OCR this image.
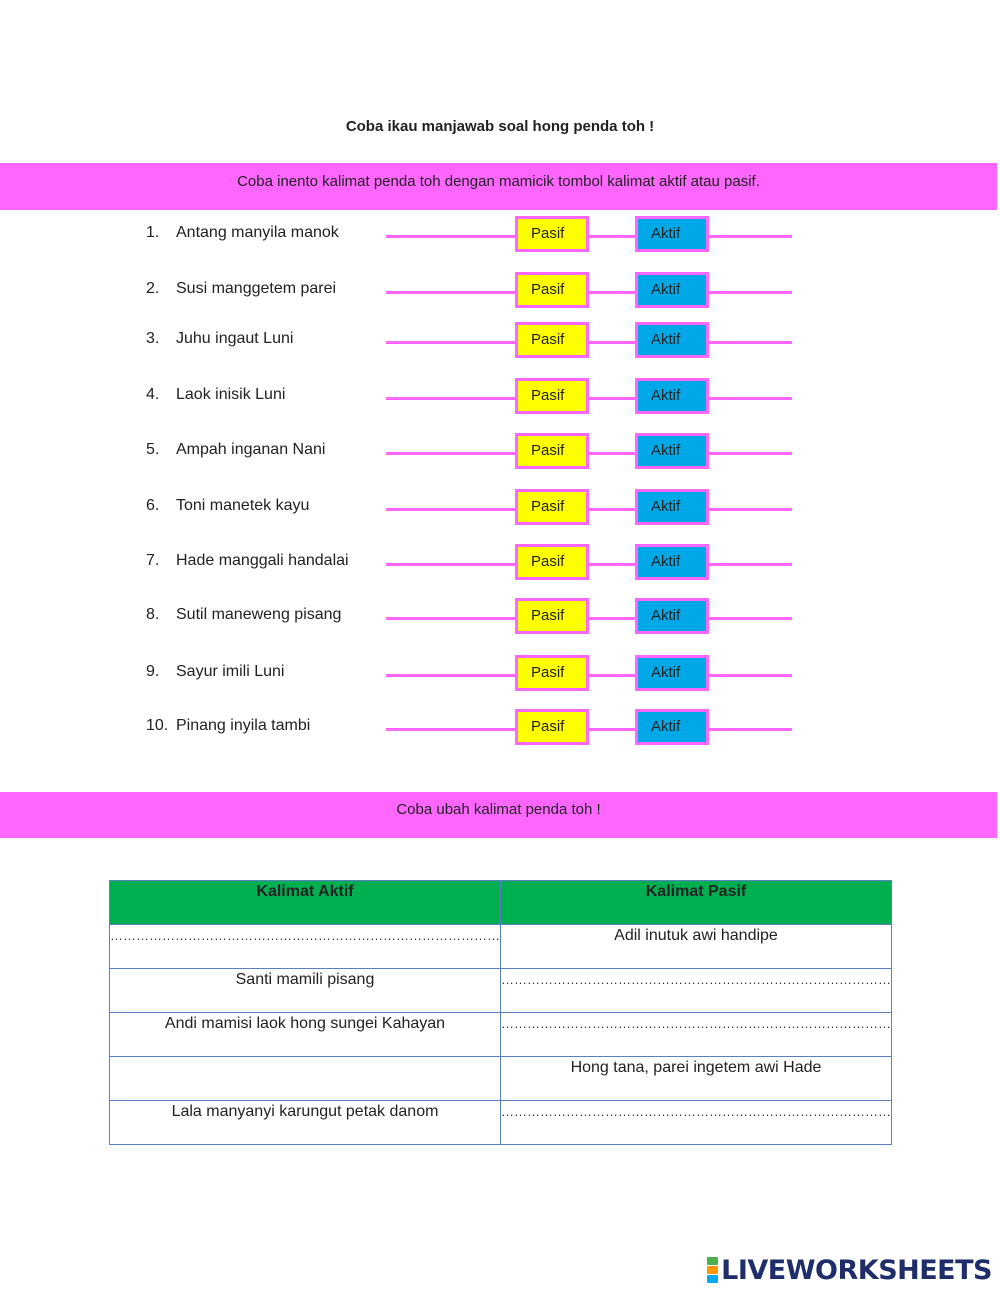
Coba ikau manjawab soal hong penda toh !
Coba inento kalimat penda toh dengan mamicik tombol kalimat aktif atau pasif.
1. Antang manyila manok	Pasif	Aktif
2. Susi manggetem parei	Pasif	Aktif
3. Juhu ingaut Luni	Pasif	Aktif
4. Laok inisik Luni	Pasif	Aktif
5. Ampah inganan Nani	Pasif	Aktif
6. Toni manetek kayu	Pasif	Aktif
7. Hade manggali handalai	Pasif	Aktif
8. Sutil maneweng pisang	Pasif	Aktif
9. Sayur imili Luni	Pasif	Aktif
10. Pinang inyila tambi	Pasif	Aktif
Coba ubah kalimat penda toh !
Kalimat Aktif	Kalimat Pasif
………………………………………………………………………………	Adil inutuk awi handipe
Santi mamili pisang	………………………………………………………………………………
Andi mamisi laok hong sungei Kahayan	………………………………………………………………………………
	Hong tana, parei ingetem awi Hade
Lala manyanyi karungut petak danom	………………………………………………………………………………
LIVEWORKSHEETS
